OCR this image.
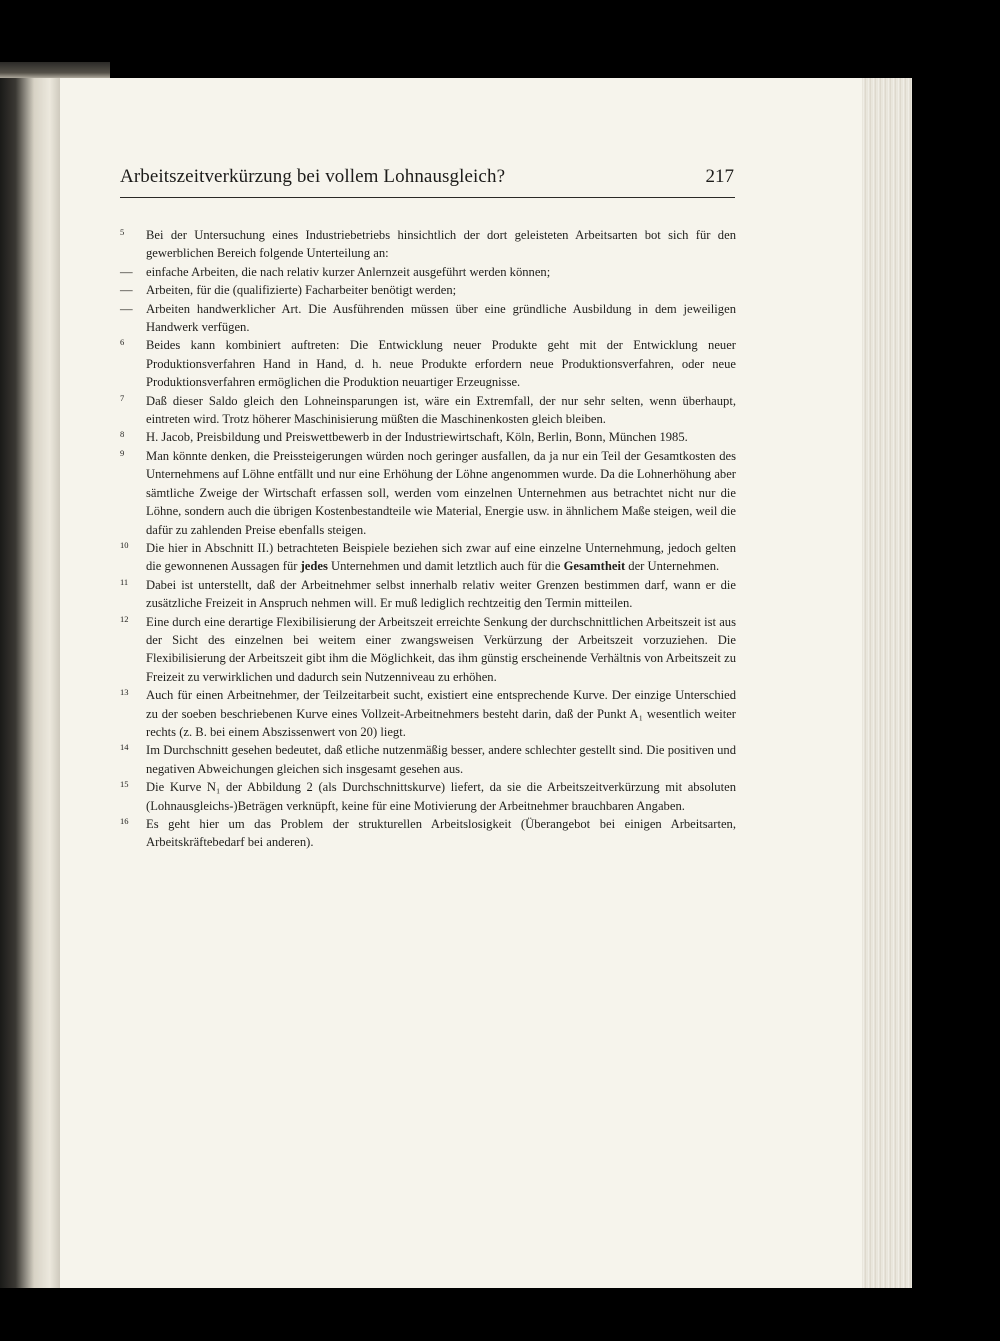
Arbeitszeitverkürzung bei vollem Lohnausgleich?	217
5	Bei der Untersuchung eines Industriebetriebs hinsichtlich der dort geleisteten Arbeitsarten bot sich für den gewerblichen Bereich folgende Unterteilung an:
— einfache Arbeiten, die nach relativ kurzer Anlernzeit ausgeführt werden können;
— Arbeiten, für die (qualifizierte) Facharbeiter benötigt werden;
— Arbeiten handwerklicher Art. Die Ausführenden müssen über eine gründliche Ausbildung in dem jeweiligen Handwerk verfügen.
6	Beides kann kombiniert auftreten: Die Entwicklung neuer Produkte geht mit der Entwicklung neuer Produktionsverfahren Hand in Hand, d. h. neue Produkte erfordern neue Produktionsverfahren, oder neue Produktionsverfahren ermöglichen die Produktion neuartiger Erzeugnisse.
7	Daß dieser Saldo gleich den Lohneinsparungen ist, wäre ein Extremfall, der nur sehr selten, wenn überhaupt, eintreten wird. Trotz höherer Maschinisierung müßten die Maschinenkosten gleich bleiben.
8	H. Jacob, Preisbildung und Preiswettbewerb in der Industriewirtschaft, Köln, Berlin, Bonn, München 1985.
9	Man könnte denken, die Preissteigerungen würden noch geringer ausfallen, da ja nur ein Teil der Gesamtkosten des Unternehmens auf Löhne entfällt und nur eine Erhöhung der Löhne angenommen wurde. Da die Lohnerhöhung aber sämtliche Zweige der Wirtschaft erfassen soll, werden vom einzelnen Unternehmen aus betrachtet nicht nur die Löhne, sondern auch die übrigen Kostenbestandteile wie Material, Energie usw. in ähnlichem Maße steigen, weil die dafür zu zahlenden Preise ebenfalls steigen.
10	Die hier in Abschnitt II.) betrachteten Beispiele beziehen sich zwar auf eine einzelne Unternehmung, jedoch gelten die gewonnenen Aussagen für jedes Unternehmen und damit letztlich auch für die Gesamtheit der Unternehmen.
11	Dabei ist unterstellt, daß der Arbeitnehmer selbst innerhalb relativ weiter Grenzen bestimmen darf, wann er die zusätzliche Freizeit in Anspruch nehmen will. Er muß lediglich rechtzeitig den Termin mitteilen.
12	Eine durch eine derartige Flexibilisierung der Arbeitszeit erreichte Senkung der durchschnittlichen Arbeitszeit ist aus der Sicht des einzelnen bei weitem einer zwangsweisen Verkürzung der Arbeitszeit vorzuziehen. Die Flexibilisierung der Arbeitszeit gibt ihm die Möglichkeit, das ihm günstig erscheinende Verhältnis von Arbeitszeit zu Freizeit zu verwirklichen und dadurch sein Nutzenniveau zu erhöhen.
13	Auch für einen Arbeitnehmer, der Teilzeitarbeit sucht, existiert eine entsprechende Kurve. Der einzige Unterschied zu der soeben beschriebenen Kurve eines Vollzeit-Arbeitnehmers besteht darin, daß der Punkt A₁ wesentlich weiter rechts (z. B. bei einem Abszissenwert von 20) liegt.
14	Im Durchschnitt gesehen bedeutet, daß etliche nutzenmäßig besser, andere schlechter gestellt sind. Die positiven und negativen Abweichungen gleichen sich insgesamt gesehen aus.
15	Die Kurve N₁ der Abbildung 2 (als Durchschnittskurve) liefert, da sie die Arbeitszeitverkürzung mit absoluten (Lohnausgleichs-)Beträgen verknüpft, keine für eine Motivierung der Arbeitnehmer brauchbaren Angaben.
16	Es geht hier um das Problem der strukturellen Arbeitslosigkeit (Überangebot bei einigen Arbeitsarten, Arbeitskräftebedarf bei anderen).
